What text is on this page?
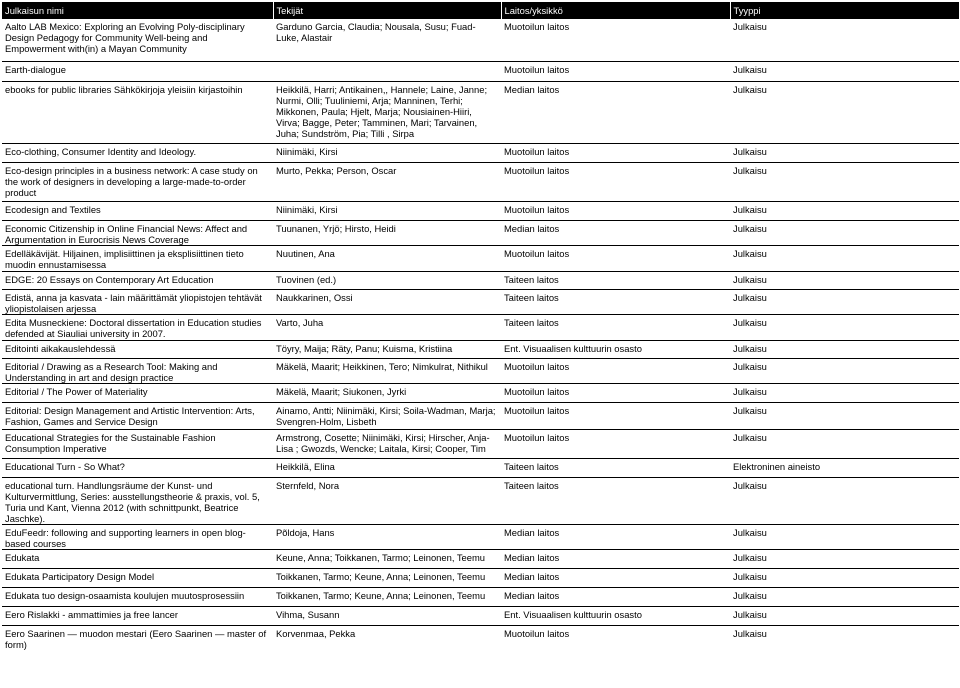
Julkaisun nimi	Tekijät	Laitos/yksikkö	Tyyppi
Aalto LAB Mexico: Exploring an Evolving Poly-disciplinary Design Pedagogy for Community Well-being and Empowerment with(in) a Mayan Community	Garduno Garcia, Claudia; Nousala, Susu; Fuad-Luke, Alastair	Muotoilun laitos	Julkaisu
Earth-dialogue		Muotoilun laitos	Julkaisu
ebooks for public libraries Sähkökirjoja yleisiin kirjastoihin	Heikkilä, Harri; Antikainen,, Hannele; Laine, Janne; Nurmi, Olli; Tuuliniemi, Arja; Manninen, Terhi; Mikkonen, Paula; Hjelt, Marja; Nousiainen-Hiiri, Virva; Bagge, Peter; Tamminen, Mari; Tarvainen, Juha; Sundström, Pia; Tilli , Sirpa	Median laitos	Julkaisu
Eco-clothing, Consumer Identity and Ideology.	Niinimäki, Kirsi	Muotoilun laitos	Julkaisu
Eco-design principles in a business network: A case study on the work of designers in developing a large-made-to-order product	Murto, Pekka; Person, Oscar	Muotoilun laitos	Julkaisu
Ecodesign and Textiles	Niinimäki, Kirsi	Muotoilun laitos	Julkaisu
Economic Citizenship in Online Financial News: Affect and Argumentation in Eurocrisis News Coverage	Tuunanen, Yrjö; Hirsto, Heidi	Median laitos	Julkaisu
Edelläkävijät. Hiljainen, implisiittinen ja eksplisiittinen tieto muodin ennustamisessa	Nuutinen, Ana	Muotoilun laitos	Julkaisu
EDGE: 20 Essays on Contemporary Art Education	Tuovinen (ed.)	Taiteen laitos	Julkaisu
Edistä, anna ja kasvata - lain määrittämät yliopistojen tehtävät yliopistolaisen arjessa	Naukkarinen, Ossi	Taiteen laitos	Julkaisu
Edita Musneckiene: Doctoral dissertation in Education studies defended at Siauliai university in 2007.	Varto, Juha	Taiteen laitos	Julkaisu
Editointi aikakauslehdessä	Töyry, Maija; Räty, Panu; Kuisma, Kristiina	Ent. Visuaalisen kulttuurin osasto	Julkaisu
Editorial / Drawing as a Research Tool: Making and Understanding in art and design practice	Mäkelä, Maarit; Heikkinen, Tero; Nimkulrat, Nithikul	Muotoilun laitos	Julkaisu
Editorial / The Power of Materiality	Mäkelä, Maarit; Siukonen, Jyrki	Muotoilun laitos	Julkaisu
Editorial: Design Management and Artistic Intervention: Arts, Fashion, Games and Service Design	Ainamo, Antti; Niinimäki, Kirsi; Soila-Wadman, Marja; Svengren-Holm, Lisbeth	Muotoilun laitos	Julkaisu
Educational Strategies for the Sustainable Fashion Consumption Imperative	Armstrong, Cosette; Niinimäki, Kirsi; Hirscher, Anja-Lisa ; Gwozds, Wencke; Laitala, Kirsi; Cooper, Tim	Muotoilun laitos	Julkaisu
Educational Turn - So What?	Heikkilä, Elina	Taiteen laitos	Elektroninen aineisto
educational turn. Handlungsräume der Kunst- und Kulturvermittlung, Series: ausstellungstheorie & praxis, vol. 5, Turia und Kant, Vienna 2012 (with schnittpunkt, Beatrice Jaschke).	Sternfeld, Nora	Taiteen laitos	Julkaisu
EduFeedr: following and supporting learners in open blog-based courses	Põldoja, Hans	Median laitos	Julkaisu
Edukata	Keune, Anna; Toikkanen, Tarmo; Leinonen, Teemu	Median laitos	Julkaisu
Edukata Participatory Design Model	Toikkanen, Tarmo; Keune, Anna; Leinonen, Teemu	Median laitos	Julkaisu
Edukata tuo design-osaamista koulujen muutosprosessiin	Toikkanen, Tarmo; Keune, Anna; Leinonen, Teemu	Median laitos	Julkaisu
Eero Rislakki - ammattimies ja free lancer	Vihma, Susann	Ent. Visuaalisen kulttuurin osasto	Julkaisu
Eero Saarinen — muodon mestari (Eero Saarinen — master of form)	Korvenmaa, Pekka	Muotoilun laitos	Julkaisu
